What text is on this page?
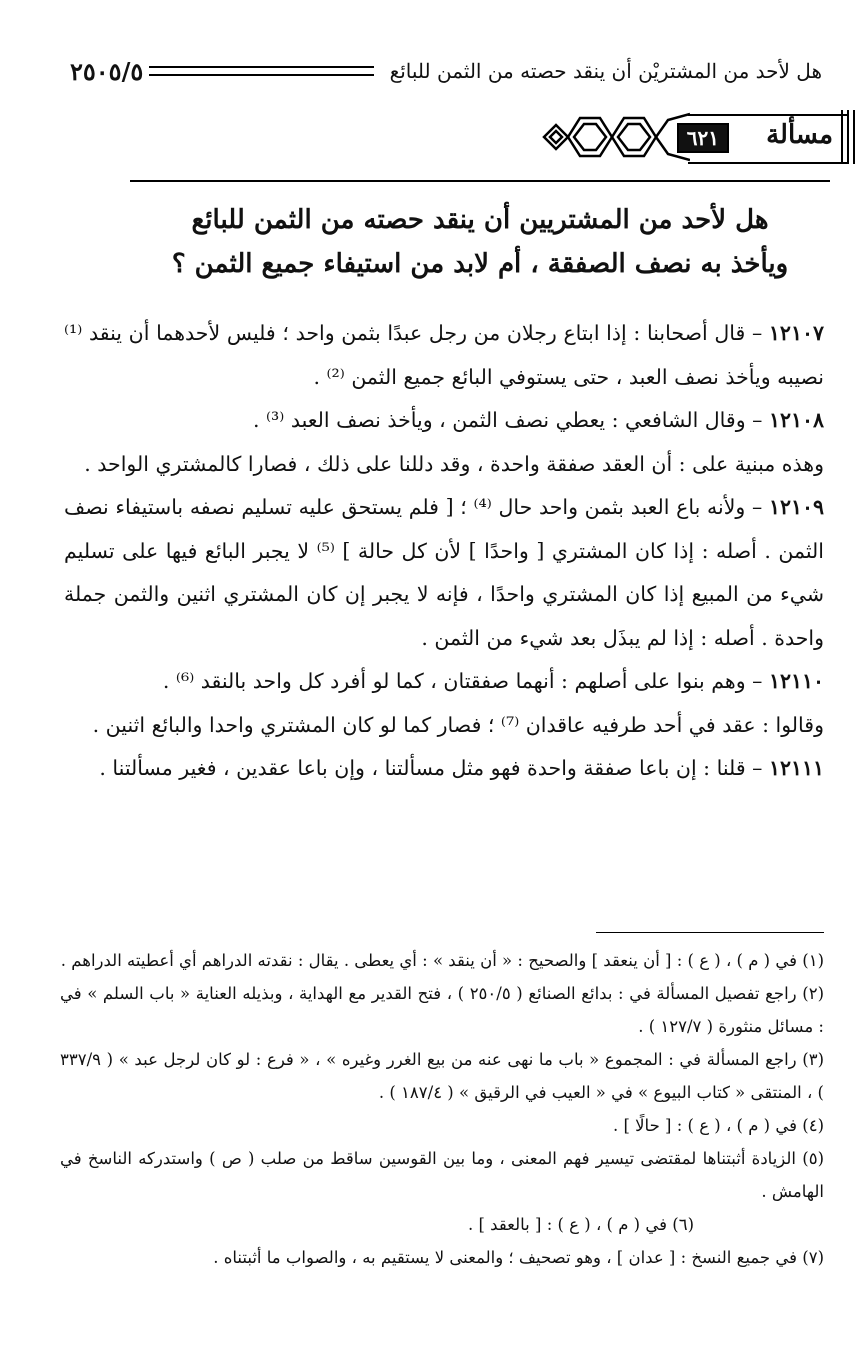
هل لأحد من المشتريْن أن ينقد حصته من الثمن للبائع
٢٥٠٥/٥
مسألة
٦٢١
هل لأحد من المشتريين أن ينقد حصته من الثمن للبائع
ويأخذ به نصف الصفقة ، أم لابد من استيفاء جميع الثمن ؟

١٢١٠٧ – قال أصحابنا : إذا ابتاع رجلان من رجل عبدًا بثمن واحد ؛ فليس لأحدهما أن ينقد ⁽¹⁾ نصيبه ويأخذ نصف العبد ، حتى يستوفي البائع جميع الثمن ⁽²⁾ .

١٢١٠٨ – وقال الشافعي : يعطي نصف الثمن ، ويأخذ نصف العبد ⁽³⁾ .

وهذه مبنية على : أن العقد صفقة واحدة ، وقد دللنا على ذلك ، فصارا كالمشتري الواحد .

١٢١٠٩ – ولأنه باع العبد بثمن واحد حال ⁽⁴⁾ ؛ [ فلم يستحق عليه تسليم نصفه باستيفاء نصف الثمن . أصله : إذا كان المشتري [ واحدًا ] لأن كل حالة ] ⁽⁵⁾ لا يجبر البائع فيها على تسليم شيء من المبيع إذا كان المشتري واحدًا ، فإنه لا يجبر إن كان المشتري اثنين والثمن جملة واحدة . أصله : إذا لم يبذَل بعد شيء من الثمن .

١٢١١٠ – وهم بنوا على أصلهم : أنهما صفقتان ، كما لو أفرد كل واحد بالنقد ⁽⁶⁾ .

وقالوا : عقد في أحد طرفيه عاقدان ⁽⁷⁾ ؛ فصار كما لو كان المشتري واحدا والبائع اثنين .

١٢١١١ – قلنا : إن باعا صفقة واحدة فهو مثل مسألتنا ، وإن باعا عقدين ، فغير مسألتنا .

(١) في ( م ) ، ( ع ) : [ أن ينعقد ] والصحيح : « أن ينقد » : أي يعطى . يقال : نقدته الدراهم أي أعطيته الدراهم .

(٢) راجع تفصيل المسألة في : بدائع الصنائع ( ٢٥٠/٥ ) ، فتح القدير مع الهداية ، وبذيله العناية « باب السلم » في : مسائل منثورة ( ١٢٧/٧ ) .

(٣) راجع المسألة في : المجموع « باب ما نهى عنه من بيع الغرر وغيره » ، « فرع : لو كان لرجل عبد » ( ٣٣٧/٩ ) ، المنتقى « كتاب البيوع » في « العيب في الرقيق » ( ١٨٧/٤ ) .

(٤) في ( م ) ، ( ع ) : [ حالًا ] .

(٥) الزيادة أثبتناها لمقتضى تيسير فهم المعنى ، وما بين القوسين ساقط من صلب ( ص ) واستدركه الناسخ في الهامش .

(٦) في ( م ) ، ( ع ) : [ بالعقد ] .

(٧) في جميع النسخ : [ عدان ] ، وهو تصحيف ؛ والمعنى لا يستقيم به ، والصواب ما أثبتناه .
